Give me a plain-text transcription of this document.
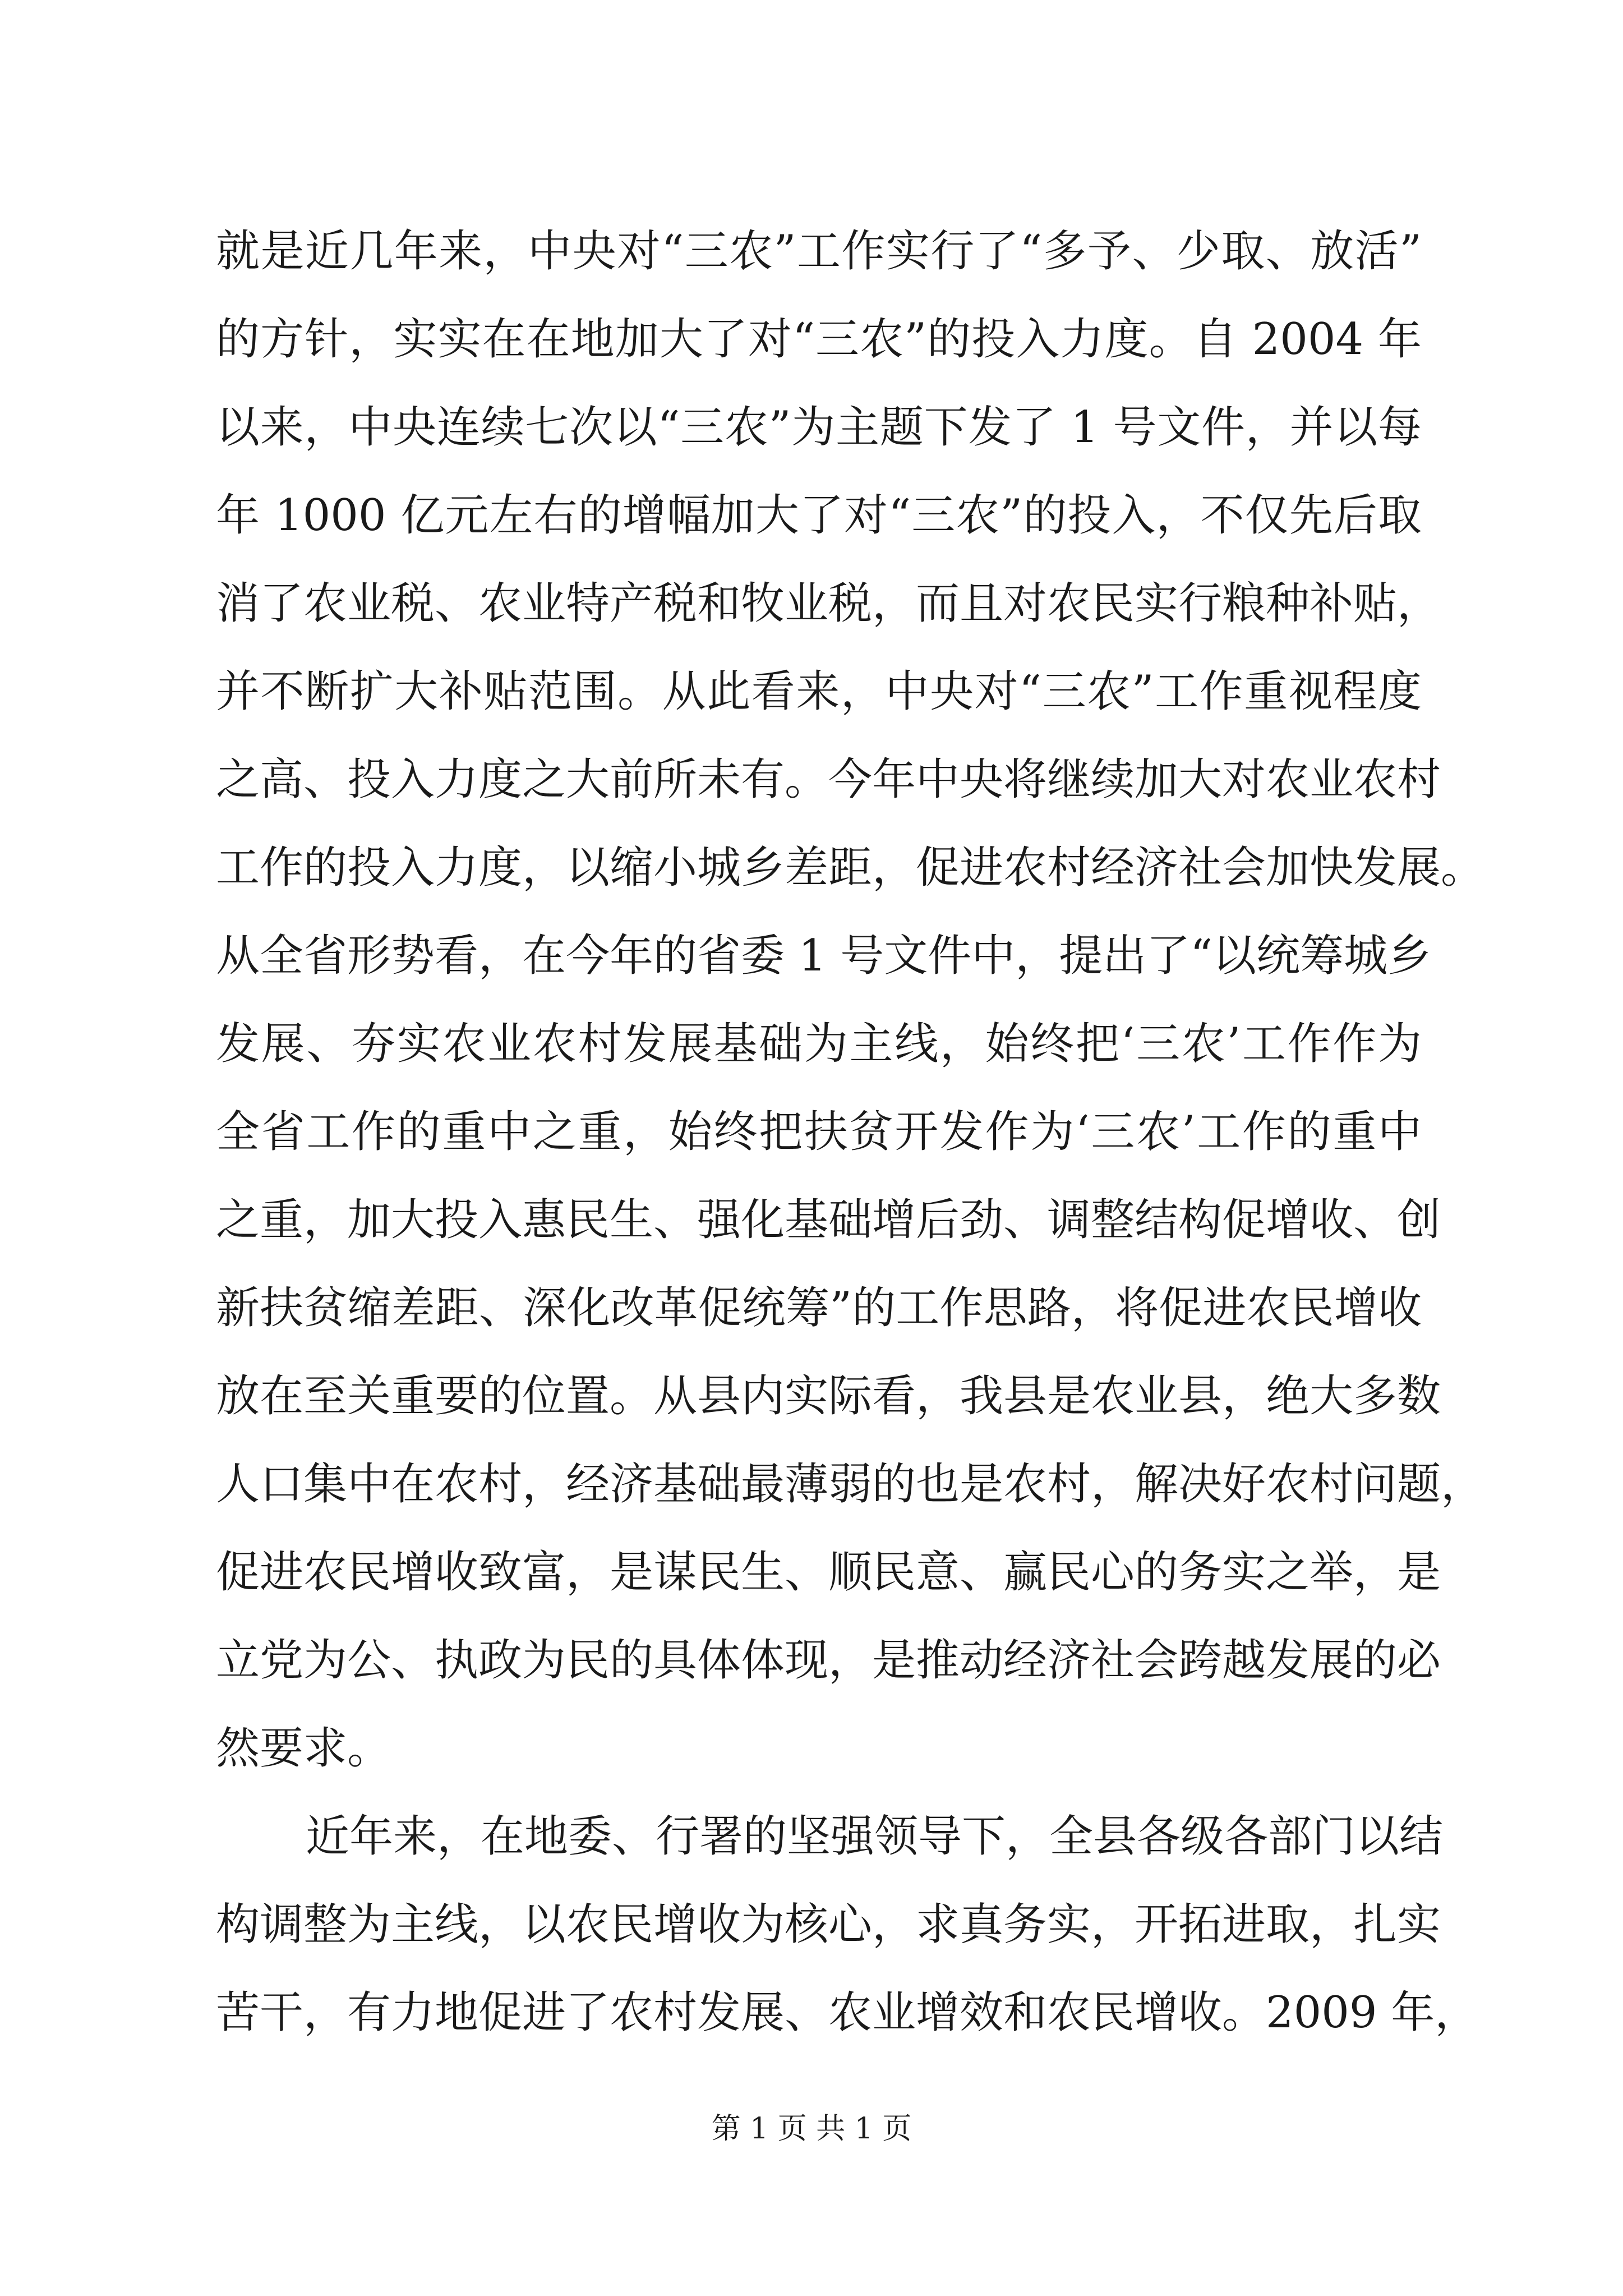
就是近几年来，中央对“三农”工作实行了“多予、少取、放活”
的方针，实实在在地加大了对“三农”的投入力度。自 2004 年
以来，中央连续七次以“三农”为主题下发了 1 号文件，并以每
年 1000 亿元左右的增幅加大了对“三农”的投入，不仅先后取
消了农业税、农业特产税和牧业税，而且对农民实行粮种补贴，
并不断扩大补贴范围。从此看来，中央对“三农”工作重视程度
之高、投入力度之大前所未有。今年中央将继续加大对农业农村
工作的投入力度，以缩小城乡差距，促进农村经济社会加快发展。
从全省形势看，在今年的省委 1 号文件中，提出了“以统筹城乡
发展、夯实农业农村发展基础为主线，始终把‘三农’工作作为
全省工作的重中之重，始终把扶贫开发作为‘三农’工作的重中
之重，加大投入惠民生、强化基础增后劲、调整结构促增收、创
新扶贫缩差距、深化改革促统筹”的工作思路，将促进农民增收
放在至关重要的位置。从县内实际看，我县是农业县，绝大多数
人口集中在农村，经济基础最薄弱的也是农村，解决好农村问题，
促进农民增收致富，是谋民生、顺民意、赢民心的务实之举，是
立党为公、执政为民的具体体现，是推动经济社会跨越发展的必
然要求。
近年来，在地委、行署的坚强领导下，全县各级各部门以结
构调整为主线，以农民增收为核心，求真务实，开拓进取，扎实
苦干，有力地促进了农村发展、农业增效和农民增收。2009 年，
第 1 页 共 1 页
